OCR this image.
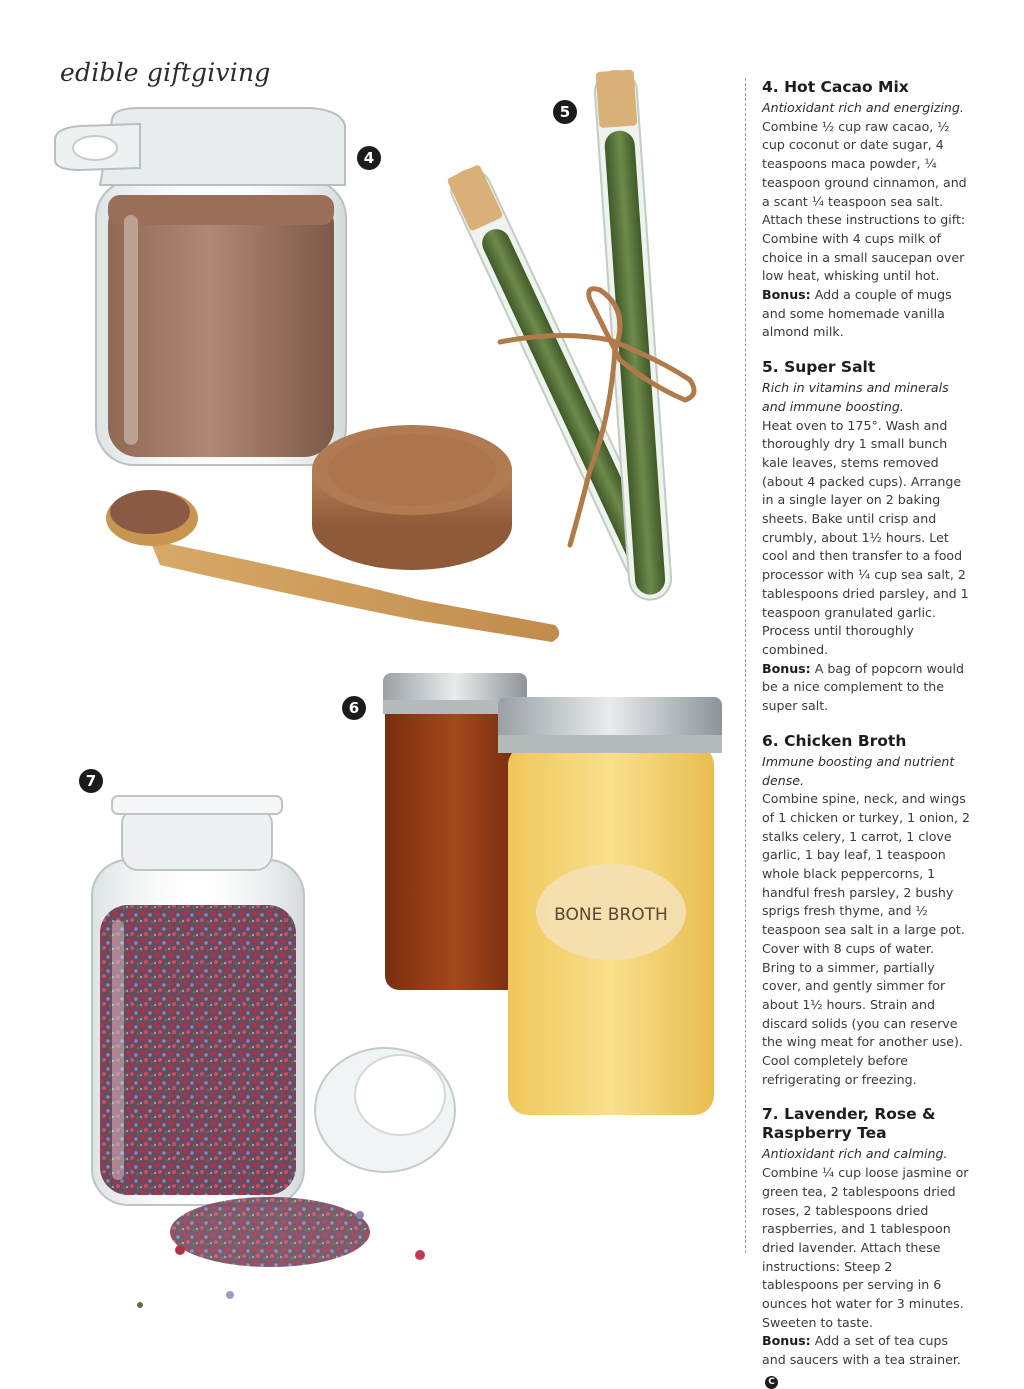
edible giftgiving
BONE BROTH
4
5
6
7
4. Hot Cacao Mix
Antioxidant rich and energizing.
Combine ½ cup raw cacao, ½ cup coconut or date sugar, 4 teaspoons maca powder, ¼ teaspoon ground cinnamon, and a scant ¼ teaspoon sea salt. Attach these instructions to gift: Combine with 4 cups milk of choice in a small saucepan over low heat, whisking until hot.
Bonus: Add a couple of mugs and some homemade vanilla almond milk.
5. Super Salt
Rich in vitamins and minerals and immune boosting.
Heat oven to 175°. Wash and thoroughly dry 1 small bunch kale leaves, stems removed (about 4 packed cups). Arrange in a single layer on 2 baking sheets. Bake until crisp and crumbly, about 1½ hours. Let cool and then transfer to a food processor with ¼ cup sea salt, 2 tablespoons dried parsley, and 1 teaspoon granulated garlic. Process until thoroughly combined.
Bonus: A bag of popcorn would be a nice complement to the super salt.
6. Chicken Broth
Immune boosting and nutrient dense.
Combine spine, neck, and wings of 1 chicken or turkey, 1 onion, 2 stalks celery, 1 carrot, 1 clove garlic, 1 bay leaf, 1 teaspoon whole black peppercorns, 1 handful fresh parsley, 2 bushy sprigs fresh thyme, and ½ teaspoon sea salt in a large pot. Cover with 8 cups of water. Bring to a simmer, partially cover, and gently simmer for about 1½ hours. Strain and discard solids (you can reserve the wing meat for another use). Cool completely before refrigerating or freezing.
7. Lavender, Rose & Raspberry Tea
Antioxidant rich and calming.
Combine ¼ cup loose jasmine or green tea, 2 tablespoons dried roses, 2 tablespoons dried raspberries, and 1 tablespoon dried lavender. Attach these instructions: Steep 2 tablespoons per serving in 6 ounces hot water for 3 minutes. Sweeten to taste.
Bonus: Add a set of tea cups and saucers with a tea strainer.C
